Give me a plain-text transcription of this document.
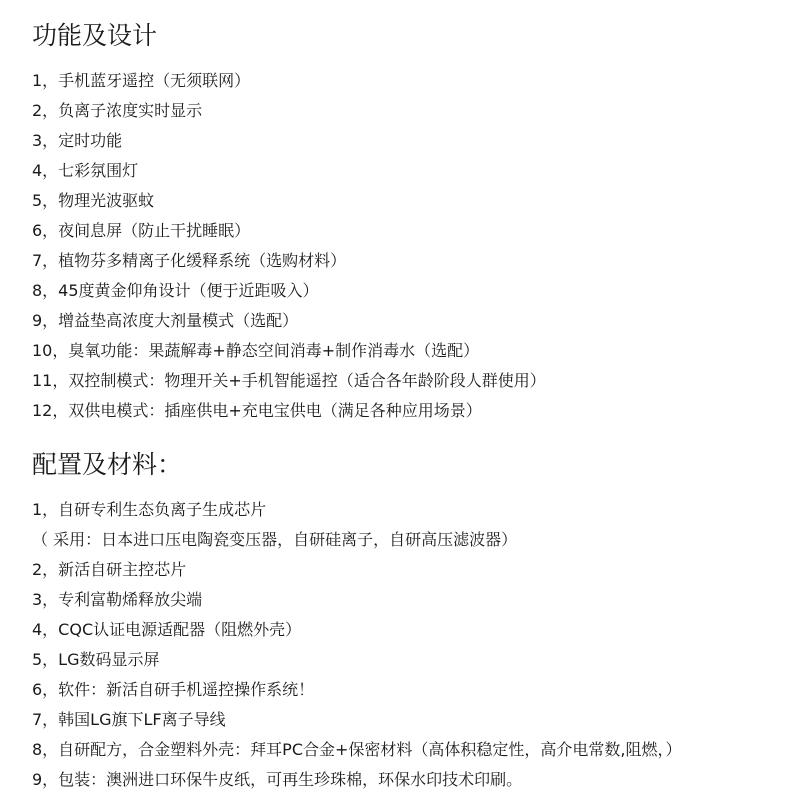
功能及设计
1，手机蓝牙遥控（无须联网）
2，负离子浓度实时显示
3，定时功能
4，七彩氛围灯
5，物理光波驱蚊
6，夜间息屏（防止干扰睡眠）
7，植物芬多精离子化缓释系统（选购材料）
8，45度黄金仰角设计（便于近距吸入）
9，增益垫高浓度大剂量模式（选配）
10，臭氧功能：果蔬解毒+静态空间消毒+制作消毒水（选配）
11，双控制模式：物理开关+手机智能遥控（适合各年龄阶段人群使用）
12，双供电模式：插座供电+充电宝供电（满足各种应用场景）
配置及材料：
1，自研专利生态负离子生成芯片
（ 采用：日本进口压电陶瓷变压器，自研硅离子，自研高压滤波器）
2，新活自研主控芯片
3，专利富勒烯释放尖端
4，CQC认证电源适配器（阻燃外壳）
5，LG数码显示屏
6，软件：新活自研手机遥控操作系统！
7，韩国LG旗下LF离子导线
8，自研配方，合金塑料外壳：拜耳PC合金+保密材料（高体积稳定性，高介电常数,阻燃，）
9，包装：澳洲进口环保牛皮纸，可再生珍珠棉，环保水印技术印刷。
